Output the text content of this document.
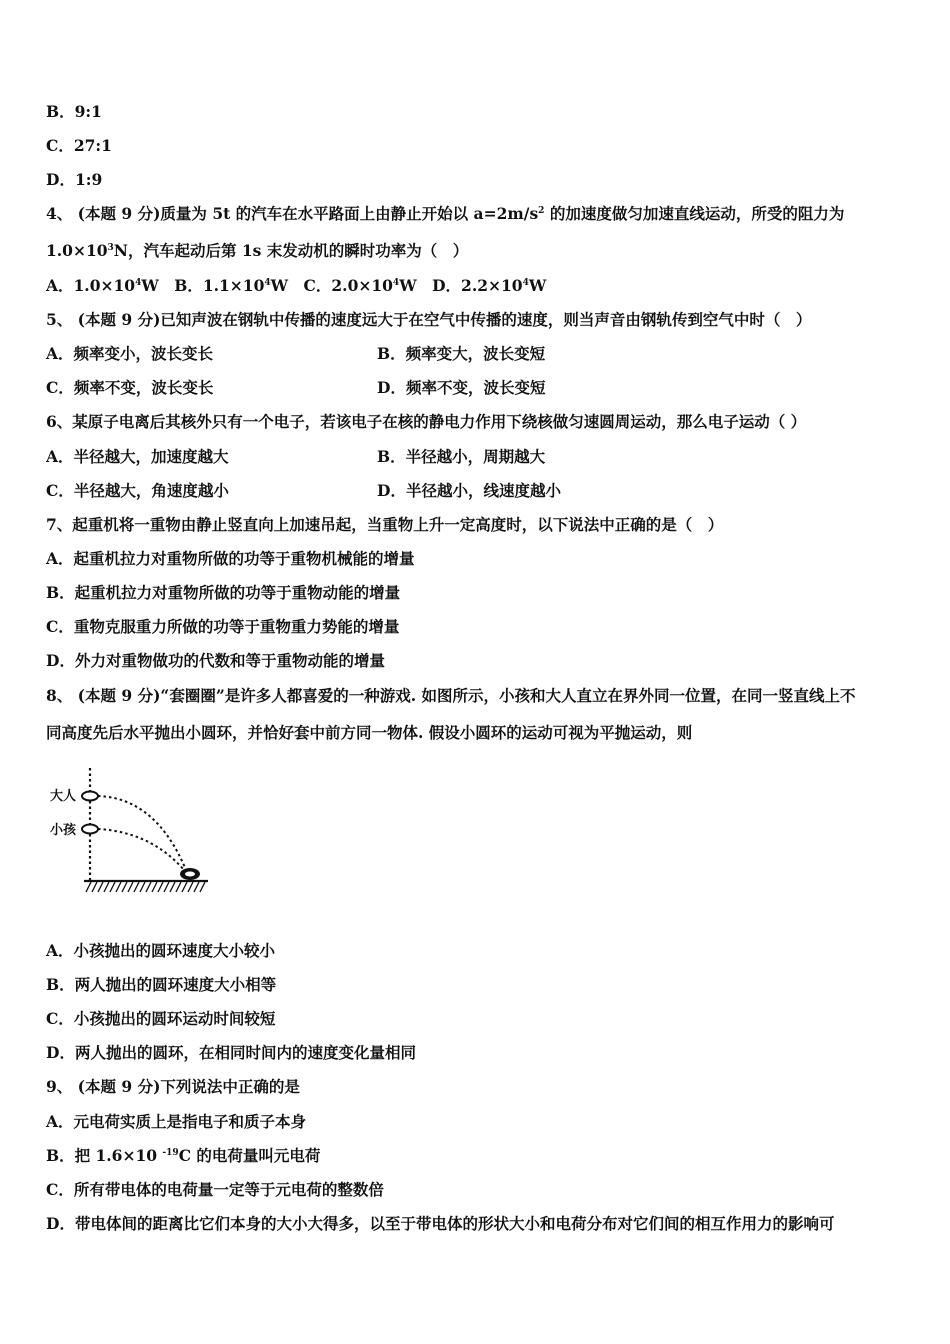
B．9:1
C．27:1
D．1:9
4、 (本题 9 分)质量为 5t 的汽车在水平路面上由静止开始以 $a=2m/s^2$ 的加速度做匀加速直线运动，所受的阻力为
$1.0\times 10^3N$，汽车起动后第 1s 末发动机的瞬时功率为（　）
A．$1.0\times 10^4W$　B．$1.1\times 10^4W$　C．$2.0\times 10^4W$　D．$2.2\times 10^4W$
5、 (本题 9 分)已知声波在钢轨中传播的速度远大于在空气中传播的速度，则当声音由钢轨传到空气中时（　）
A．频率变小，波长变长	B．频率变大，波长变短
C．频率不变，波长变长	D．频率不变，波长变短
6、某原子电离后其核外只有一个电子，若该电子在核的静电力作用下绕核做匀速圆周运动，那么电子运动（ ）
A．半径越大，加速度越大	B．半径越小，周期越大
C．半径越大，角速度越小	D．半径越小，线速度越小
7、起重机将一重物由静止竖直向上加速吊起，当重物上升一定高度时，以下说法中正确的是（　）
A．起重机拉力对重物所做的功等于重物机械能的增量
B．起重机拉力对重物所做的功等于重物动能的增量
C．重物克服重力所做的功等于重物重力势能的增量
D．外力对重物做功的代数和等于重物动能的增量
8、 (本题 9 分)“套圈圈”是许多人都喜爱的一种游戏. 如图所示，小孩和大人直立在界外同一位置，在同一竖直线上不
同高度先后水平抛出小圆环，并恰好套中前方同一物体. 假设小圆环的运动可视为平抛运动，则
大人
小孩
A．小孩抛出的圆环速度大小较小
B．两人抛出的圆环速度大小相等
C．小孩抛出的圆环运动时间较短
D．两人抛出的圆环，在相同时间内的速度变化量相同
9、 (本题 9 分)下列说法中正确的是
A．元电荷实质上是指电子和质子本身
B．把 1.6×10 $^{-19}$C 的电荷量叫元电荷
C．所有带电体的电荷量一定等于元电荷的整数倍
D．带电体间的距离比它们本身的大小大得多，以至于带电体的形状大小和电荷分布对它们间的相互作用力的影响可
